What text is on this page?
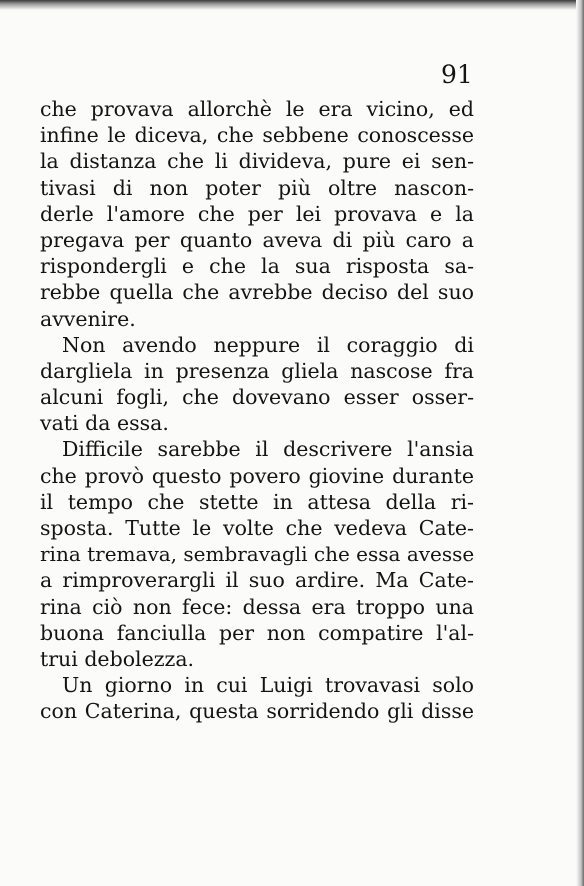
91

che provava allorchè le era vicino, ed
infine le diceva, che sebbene conoscesse
la distanza che li divideva, pure ei sen-
tivasi di non poter più oltre nascon-
derle l'amore che per lei provava e la
pregava per quanto aveva di più caro a
rispondergli e che la sua risposta sa-
rebbe quella che avrebbe deciso del suo
avvenire.
Non avendo neppure il coraggio di
dargliela in presenza gliela nascose fra
alcuni fogli, che dovevano esser osser-
vati da essa.
Difficile sarebbe il descrivere l'ansia
che provò questo povero giovine durante
il tempo che stette in attesa della ri-
sposta. Tutte le volte che vedeva Cate-
rina tremava, sembravagli che essa avesse
a rimproverargli il suo ardire. Ma Cate-
rina ciò non fece: dessa era troppo una
buona fanciulla per non compatire l'al-
trui debolezza.
Un giorno in cui Luigi trovavasi solo
con Caterina, questa sorridendo gli disse
